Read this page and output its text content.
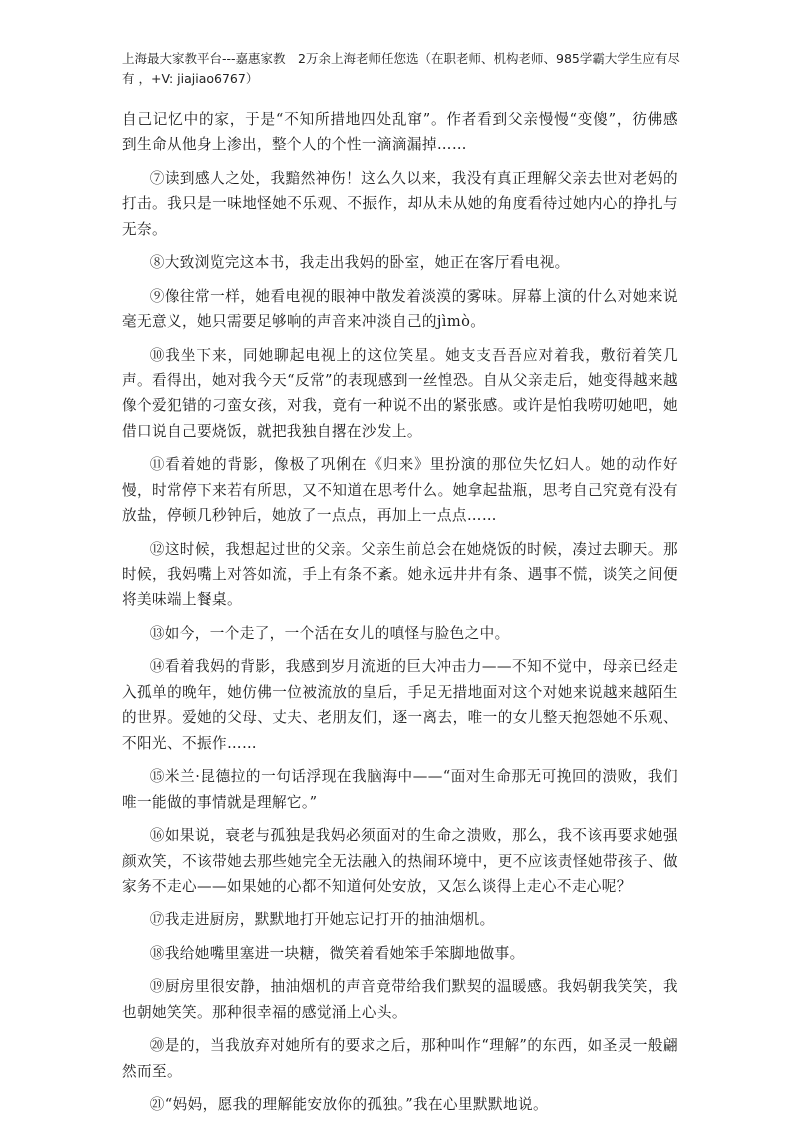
上海最大家教平台---嘉惠家教　2万余上海老师任您选（在职老师、机构老师、985学霸大学生应有尽
有 ，+V: jiajiao6767）

自己记忆中的家，于是“不知所措地四处乱窜”。作者看到父亲慢慢“变傻”，彷佛感到生命从他身上渗出，整个人的个性一滴滴漏掉……

⑦读到感人之处，我黯然神伤！这么久以来，我没有真正理解父亲去世对老妈的打击。我只是一味地怪她不乐观、不振作，却从未从她的角度看待过她内心的挣扎与无奈。

⑧大致浏览完这本书，我走出我妈的卧室，她正在客厅看电视。

⑨像往常一样，她看电视的眼神中散发着淡漠的雾味。屏幕上演的什么对她来说毫无意义，她只需要足够响的声音来冲淡自己的jìmò。

⑩我坐下来，同她聊起电视上的这位笑星。她支支吾吾应对着我，敷衍着笑几声。看得出，她对我今天“反常”的表现感到一丝惶恐。自从父亲走后，她变得越来越像个爱犯错的刁蛮女孩，对我，竟有一种说不出的紧张感。或许是怕我唠叨她吧，她借口说自己要烧饭，就把我独自撂在沙发上。

⑪看着她的背影，像极了巩俐在《归来》里扮演的那位失忆妇人。她的动作好慢，时常停下来若有所思，又不知道在思考什么。她拿起盐瓶，思考自己究竟有没有放盐，停顿几秒钟后，她放了一点点，再加上一点点……

⑫这时候，我想起过世的父亲。父亲生前总会在她烧饭的时候，凑过去聊天。那时候，我妈嘴上对答如流，手上有条不紊。她永远井井有条、遇事不慌，谈笑之间便将美味端上餐桌。

⑬如今，一个走了，一个活在女儿的嗔怪与脸色之中。

⑭看着我妈的背影，我感到岁月流逝的巨大冲击力——不知不觉中，母亲已经走入孤单的晚年，她仿佛一位被流放的皇后，手足无措地面对这个对她来说越来越陌生的世界。爱她的父母、丈夫、老朋友们，逐一离去，唯一的女儿整天抱怨她不乐观、不阳光、不振作……

⑮米兰·昆德拉的一句话浮现在我脑海中——“面对生命那无可挽回的溃败，我们唯一能做的事情就是理解它。”

⑯如果说，衰老与孤独是我妈必须面对的生命之溃败，那么，我不该再要求她强颜欢笑，不该带她去那些她完全无法融入的热闹环境中，更不应该责怪她带孩子、做家务不走心——如果她的心都不知道何处安放，又怎么谈得上走心不走心呢？

⑰我走进厨房，默默地打开她忘记打开的抽油烟机。

⑱我给她嘴里塞进一块糖，微笑着看她笨手笨脚地做事。

⑲厨房里很安静，抽油烟机的声音竟带给我们默契的温暖感。我妈朝我笑笑，我也朝她笑笑。那种很幸福的感觉涌上心头。

⑳是的，当我放弃对她所有的要求之后，那种叫作“理解”的东西，如圣灵一般翩然而至。

㉑“妈妈，愿我的理解能安放你的孤独。”我在心里默默地说。
